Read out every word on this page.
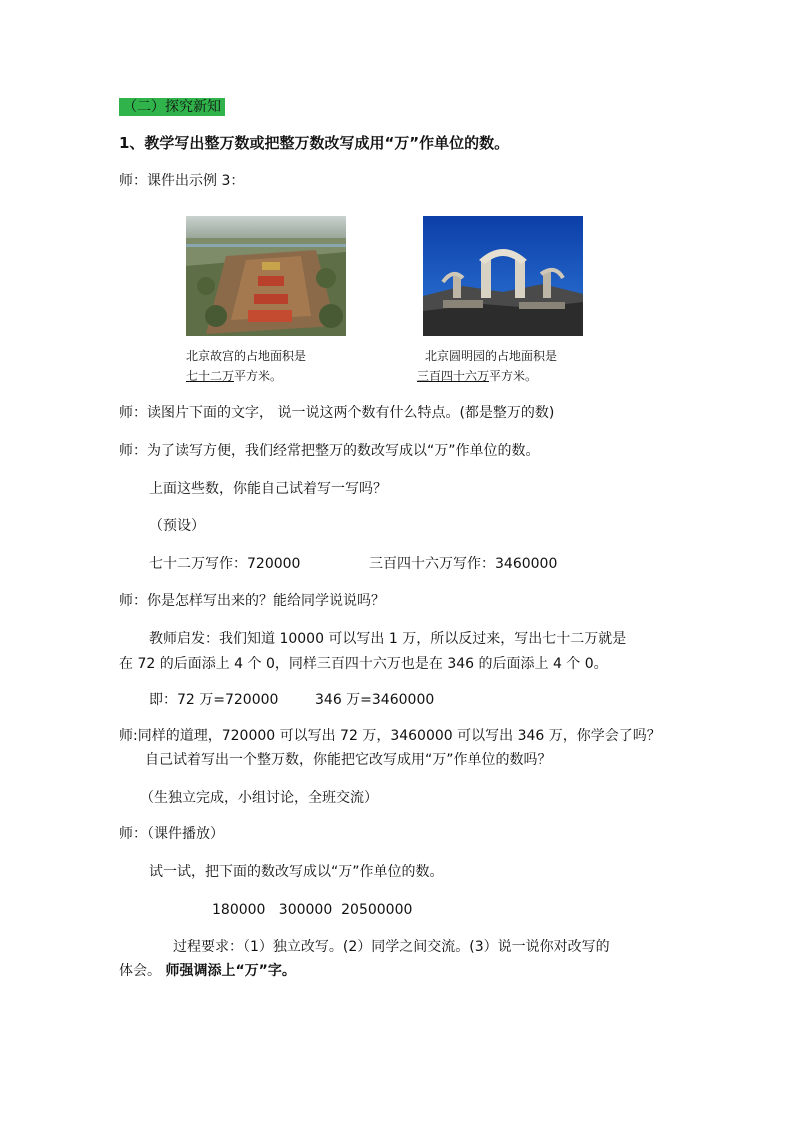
（二）探究新知
1、教学写出整万数或把整万数改写成用“万”作单位的数。
师：课件出示例 3：
北京故宫的占地面积是
七十二万平方米。
北京圆明园的占地面积是
三百四十六万平方米。
师：读图片下面的文字， 说一说这两个数有什么特点。(都是整万的数)
师：为了读写方便，我们经常把整万的数改写成以“万”作单位的数。
上面这些数，你能自己试着写一写吗？
（预设）
七十二万写作：720000	三百四十六万写作：3460000
师：你是怎样写出来的？能给同学说说吗？
教师启发：我们知道 10000 可以写出 1 万，所以反过来，写出七十二万就是
在 72 的后面添上 4 个 0，同样三百四十六万也是在 346 的后面添上 4 个 0。
即：72 万=720000	346 万=3460000
师:同样的道理，720000 可以写出 72 万，3460000 可以写出 346 万，你学会了吗？
自己试着写出一个整万数，你能把它改写成用“万”作单位的数吗？
（生独立完成，小组讨论，全班交流）
师：（课件播放）
试一试，把下面的数改写成以“万”作单位的数。
180000   300000  20500000
过程要求：（1）独立改写。(2）同学之间交流。(3）说一说你对改写的
体会。 师强调添上“万”字。
